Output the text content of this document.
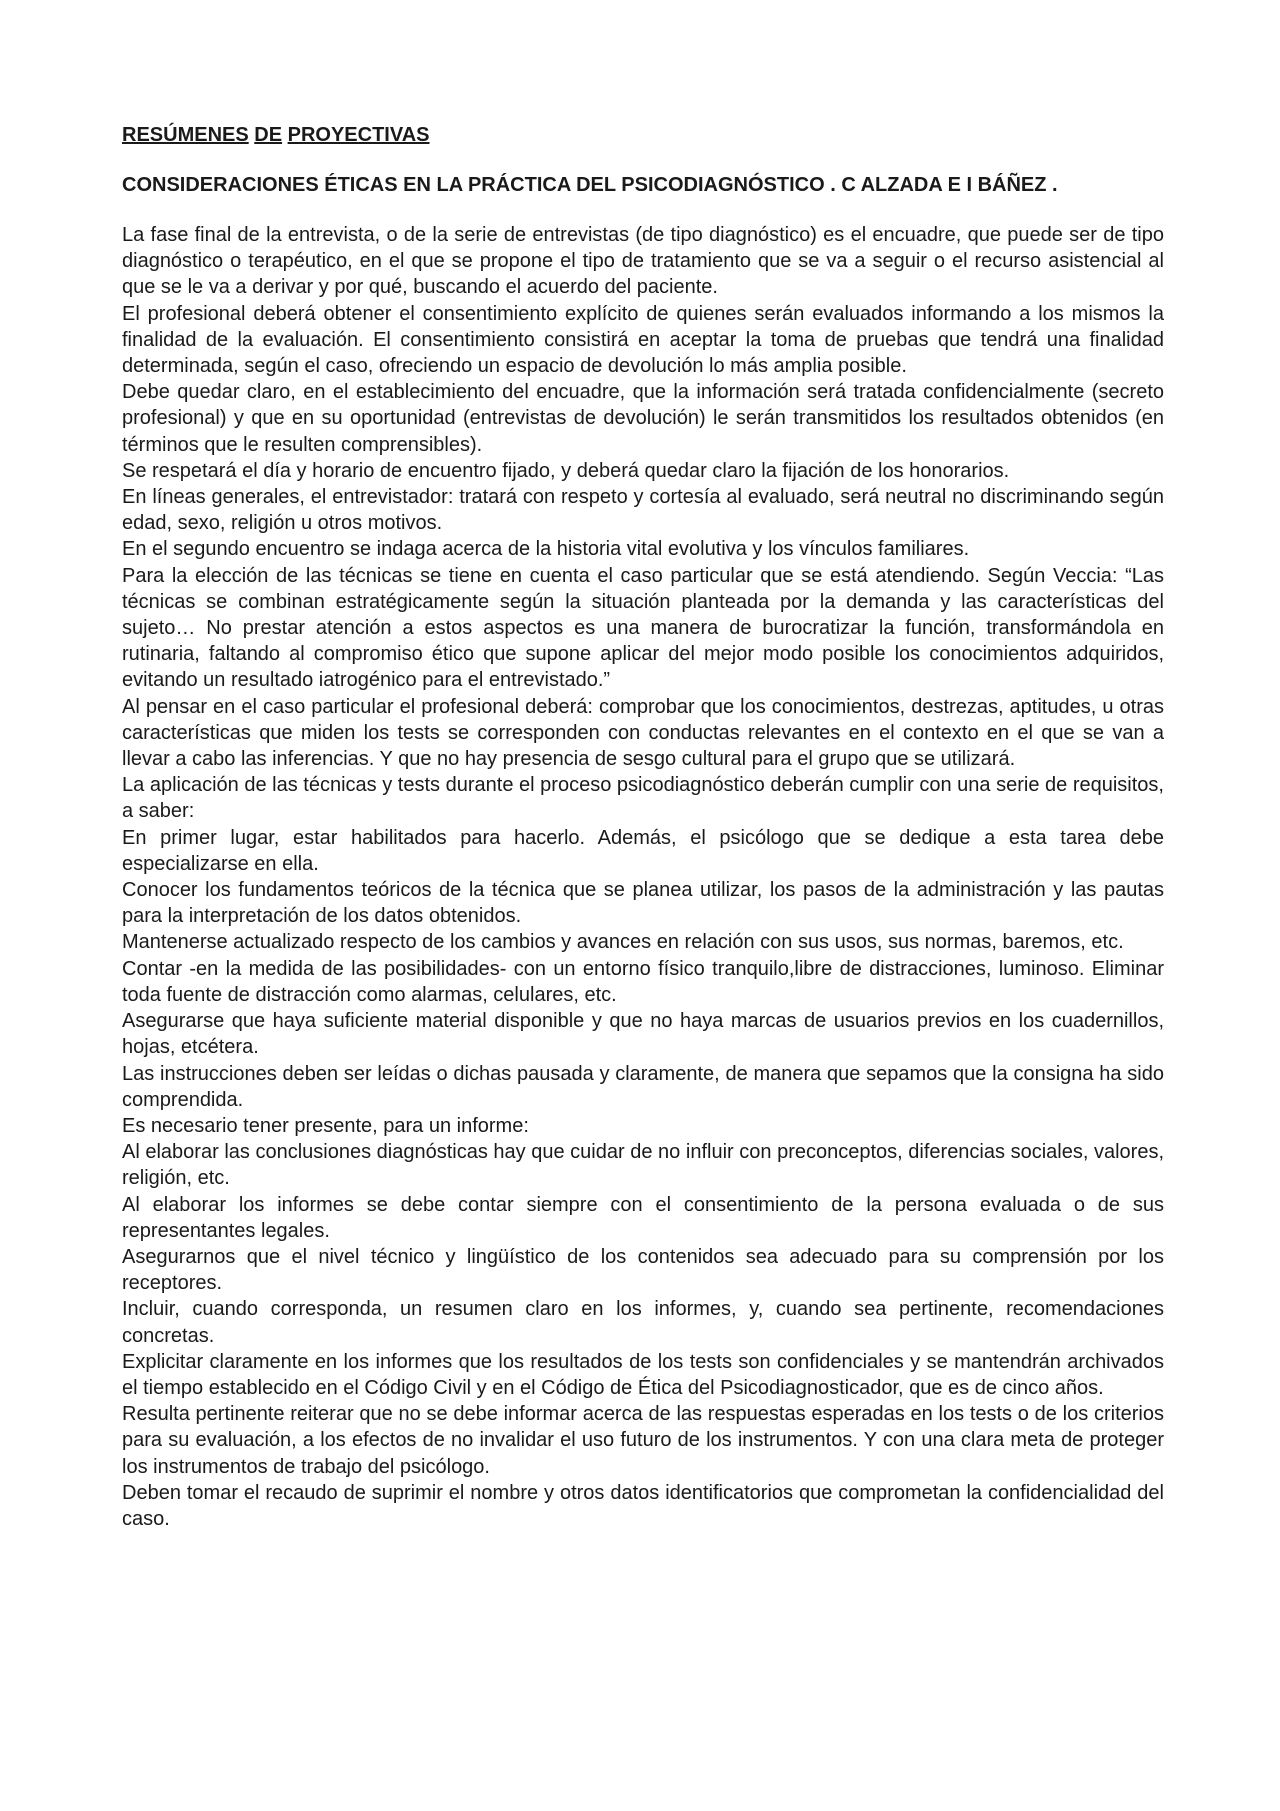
RESÚMENES DE PROYECTIVAS
CONSIDERACIONES ÉTICAS EN LA PRÁCTICA DEL PSICODIAGNÓSTICO . C ALZADA E I BÁÑEZ .

La fase final de la entrevista, o de la serie de entrevistas (de tipo diagnóstico) es el encuadre, que puede ser de tipo diagnóstico o terapéutico, en el que se propone el tipo de tratamiento que se va a seguir o el recurso asistencial al que se le va a derivar y por qué, buscando el acuerdo del paciente.

El profesional deberá obtener el consentimiento explícito de quienes serán evaluados informando a los mismos la finalidad de la evaluación. El consentimiento consistirá en aceptar la toma de pruebas que tendrá una finalidad determinada, según el caso, ofreciendo un espacio de devolución lo más amplia posible.

Debe quedar claro, en el establecimiento del encuadre, que la información será tratada confidencialmente (secreto profesional) y que en su oportunidad (entrevistas de devolución) le serán transmitidos los resultados obtenidos (en términos que le resulten comprensibles).

Se respetará el día y horario de encuentro fijado, y deberá quedar claro la fijación de los honorarios.

En líneas generales, el entrevistador: tratará con respeto y cortesía al evaluado, será neutral no discriminando según edad, sexo, religión u otros motivos.

En el segundo encuentro se indaga acerca de la historia vital evolutiva y los vínculos familiares.

Para la elección de las técnicas se tiene en cuenta el caso particular que se está atendiendo. Según Veccia: “Las técnicas se combinan estratégicamente según la situación planteada por la demanda y las características del sujeto… No prestar atención a estos aspectos es una manera de burocratizar la función, transformándola en rutinaria, faltando al compromiso ético que supone aplicar del mejor modo posible los conocimientos adquiridos, evitando un resultado iatrogénico para el entrevistado.”

Al pensar en el caso particular el profesional deberá: comprobar que los conocimientos, destrezas, aptitudes, u otras características que miden los tests se corresponden con conductas relevantes en el contexto en el que se van a llevar a cabo las inferencias. Y que no hay presencia de sesgo cultural para el grupo que se utilizará.

La aplicación de las técnicas y tests durante el proceso psicodiagnóstico deberán cumplir con una serie de requisitos, a saber:

En primer lugar, estar habilitados para hacerlo. Además, el psicólogo que se dedique a esta tarea debe especializarse en ella.

Conocer los fundamentos teóricos de la técnica que se planea utilizar, los pasos de la administración y las pautas para la interpretación de los datos obtenidos.

Mantenerse actualizado respecto de los cambios y avances en relación con sus usos, sus normas, baremos, etc.

Contar -en la medida de las posibilidades- con un entorno físico tranquilo,libre de distracciones, luminoso. Eliminar toda fuente de distracción como alarmas, celulares, etc.

Asegurarse que haya suficiente material disponible y que no haya marcas de usuarios previos en los cuadernillos, hojas, etcétera.

Las instrucciones deben ser leídas o dichas pausada y claramente, de manera que sepamos que la consigna ha sido comprendida.

Es necesario tener presente, para un informe:

Al elaborar las conclusiones diagnósticas hay que cuidar de no influir con preconceptos, diferencias sociales, valores, religión, etc.

Al elaborar los informes se debe contar siempre con el consentimiento de la persona evaluada o de sus representantes legales.

Asegurarnos que el nivel técnico y lingüístico de los contenidos sea adecuado para su comprensión por los receptores.

Incluir, cuando corresponda, un resumen claro en los informes, y, cuando sea pertinente, recomendaciones concretas.

Explicitar claramente en los informes que los resultados de los tests son confidenciales y se mantendrán archivados el tiempo establecido en el Código Civil y en el Código de Ética del Psicodiagnosticador, que es de cinco años.

Resulta pertinente reiterar que no se debe informar acerca de las respuestas esperadas en los tests o de los criterios para su evaluación, a los efectos de no invalidar el uso futuro de los instrumentos. Y con una clara meta de proteger los instrumentos de trabajo del psicólogo.

Deben tomar el recaudo de suprimir el nombre y otros datos identificatorios que comprometan la confidencialidad del caso.
